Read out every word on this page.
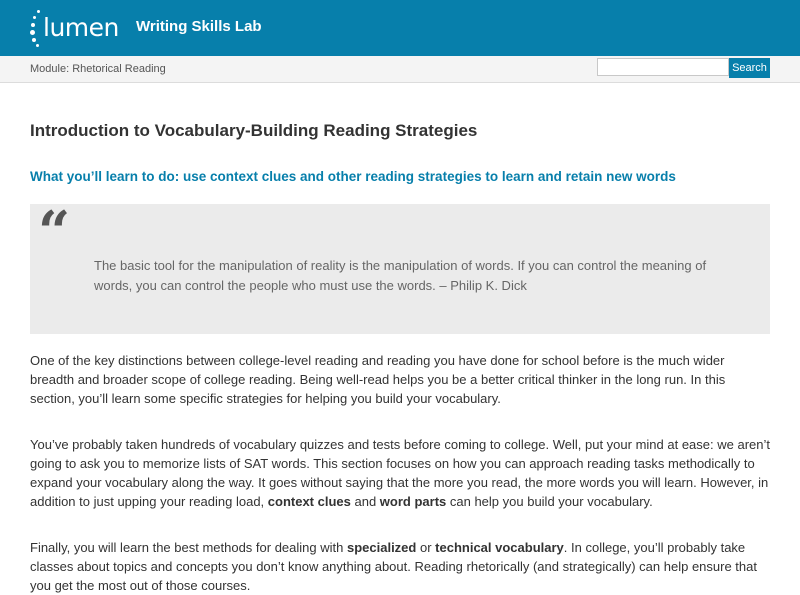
lumen Writing Skills Lab
Module: Rhetorical Reading	Search
Introduction to Vocabulary-Building Reading Strategies
What you’ll learn to do: use context clues and other reading strategies to learn and retain new words
“

The basic tool for the manipulation of reality is the manipulation of words. If you can control the meaning of words, you can control the people who must use the words. – Philip K. Dick

One of the key distinctions between college-level reading and reading you have done for school before is the much wider breadth and broader scope of college reading. Being well-read helps you be a better critical thinker in the long run. In this section, you’ll learn some specific strategies for helping you build your vocabulary.

You’ve probably taken hundreds of vocabulary quizzes and tests before coming to college. Well, put your mind at ease: we aren’t going to ask you to memorize lists of SAT words. This section focuses on how you can approach reading tasks methodically to expand your vocabulary along the way. It goes without saying that the more you read, the more words you will learn. However, in addition to just upping your reading load, context clues and word parts can help you build your vocabulary.

Finally, you will learn the best methods for dealing with specialized or technical vocabulary. In college, you’ll probably take classes about topics and concepts you don’t know anything about. Reading rhetorically (and strategically) can help ensure that you get the most out of those courses.
